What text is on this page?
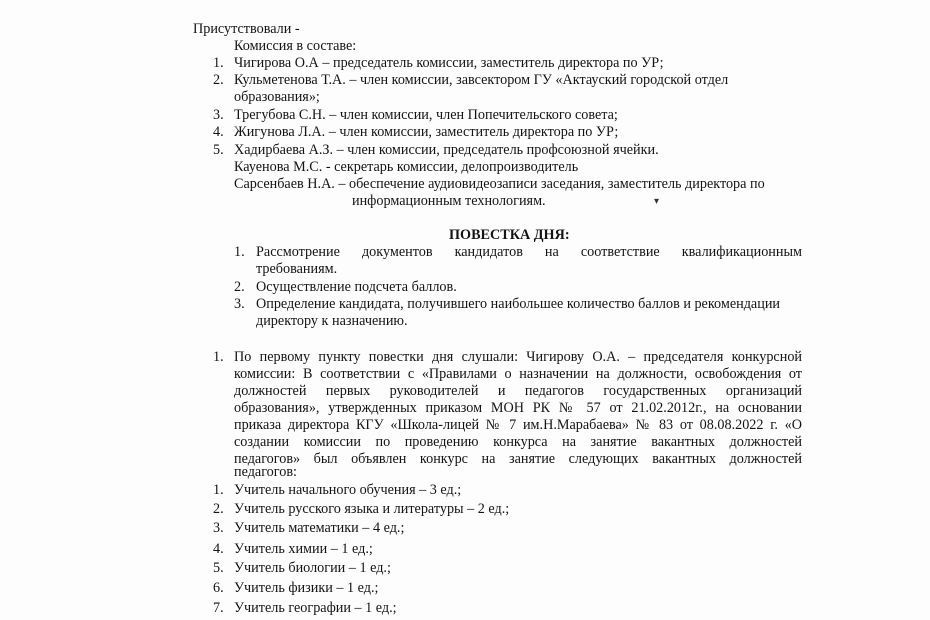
Присутствовали -
Комиссия в составе:
1. Чигирова О.А – председатель комиссии, заместитель директора по УР;
2. Кульметенова Т.А. – член комиссии, завсектором ГУ «Актауский городской отдел
образования»;
3. Трегубова С.Н. – член комиссии, член Попечительского совета;
4. Жигунова Л.А. – член комиссии, заместитель директора по УР;
5. Хадирбаева А.З. – член комиссии, председатель профсоюзной ячейки.
Кауенова М.С. - секретарь комиссии, делопроизводитель
Сарсенбаев Н.А. – обеспечение аудиовидеозаписи заседания, заместитель директора по
информационным технологиям.	▾
ПОВЕСТКА ДНЯ:
1. Рассмотрение документов кандидатов на соответствие квалификационным
требованиям.
2. Осуществление подсчета баллов.
3. Определение кандидата, получившего наибольшее количество баллов и рекомендации
директору к назначению.
1. По первому пункту повестки дня слушали: Чигирову О.А. – председателя конкурсной
комиссии: В соответствии с «Правилами о назначении на должности, освобождения от
должностей первых руководителей и педагогов государственных организаций
образования», утвержденных приказом МОН РК № 57 от 21.02.2012г., на основании
приказа директора КГУ «Школа-лицей № 7 им.Н.Марабаева» № 83 от 08.08.2022 г. «О
создании комиссии по проведению конкурса на занятие вакантных должностей
педагогов» был объявлен конкурс на занятие следующих вакантных должностей
педагогов:
1. Учитель начального обучения – 3 ед.;
2. Учитель русского языка и литературы – 2 ед.;
3. Учитель математики – 4 ед.;
4. Учитель химии – 1 ед.;
5. Учитель биологии – 1 ед.;
6. Учитель физики – 1 ед.;
7. Учитель географии – 1 ед.;
